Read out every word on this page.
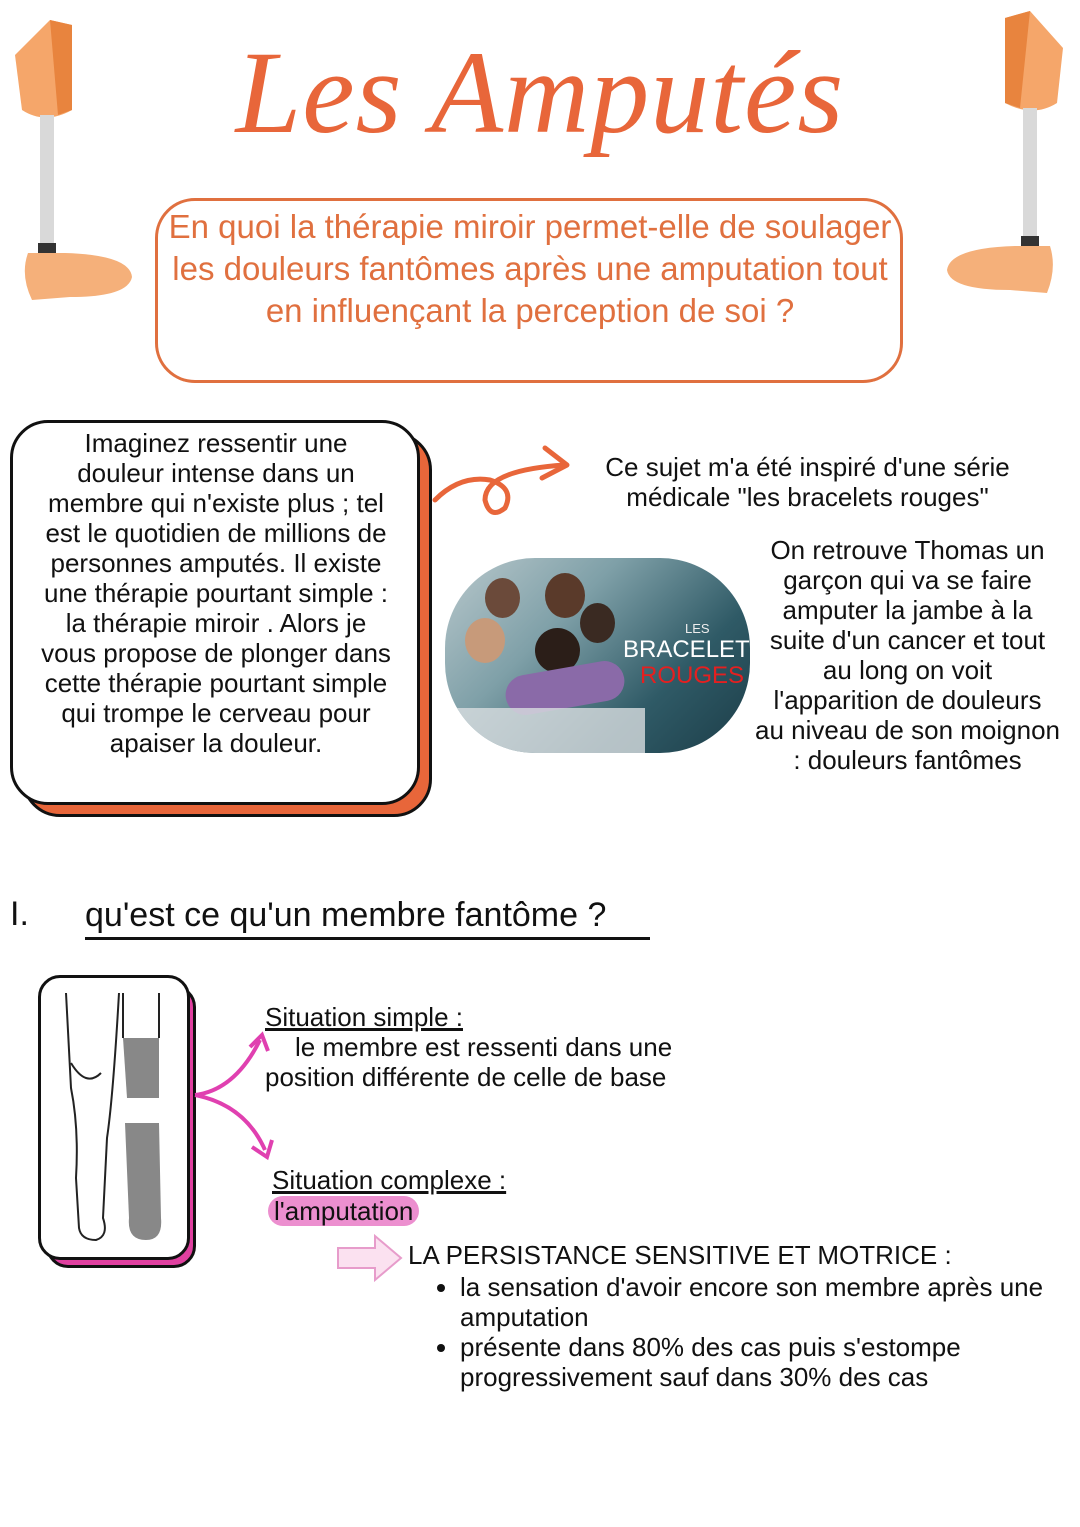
Les Amputés
En quoi la thérapie miroir permet-elle de soulager les douleurs fantômes après une amputation tout en influençant la perception de soi ?
Imaginez ressentir une
douleur intense dans un
membre qui n'existe plus ; tel
est le quotidien de millions de
personnes amputés. Il existe
une thérapie pourtant simple :
la thérapie miroir . Alors je
vous propose de plonger dans
cette thérapie pourtant simple
qui trompe le cerveau pour
apaiser la douleur.
Ce sujet m'a été inspiré d'une série
médicale "les bracelets rouges"
LES
BRACELET
ROUGES
On retrouve Thomas un
garçon qui va se faire
amputer la jambe à la
suite d'un cancer et tout
au long on voit
l'apparition de douleurs
au niveau de son moignon
: douleurs fantômes
I. qu'est ce qu'un membre fantôme ?
Situation simple :
le membre est ressenti dans une
position différente de celle de base
Situation complexe :
l'amputation
LA PERSISTANCE SENSITIVE ET MOTRICE :
• la sensation d'avoir encore son membre après une amputation
• présente dans 80% des cas puis s'estompe progressivement sauf dans 30% des cas
